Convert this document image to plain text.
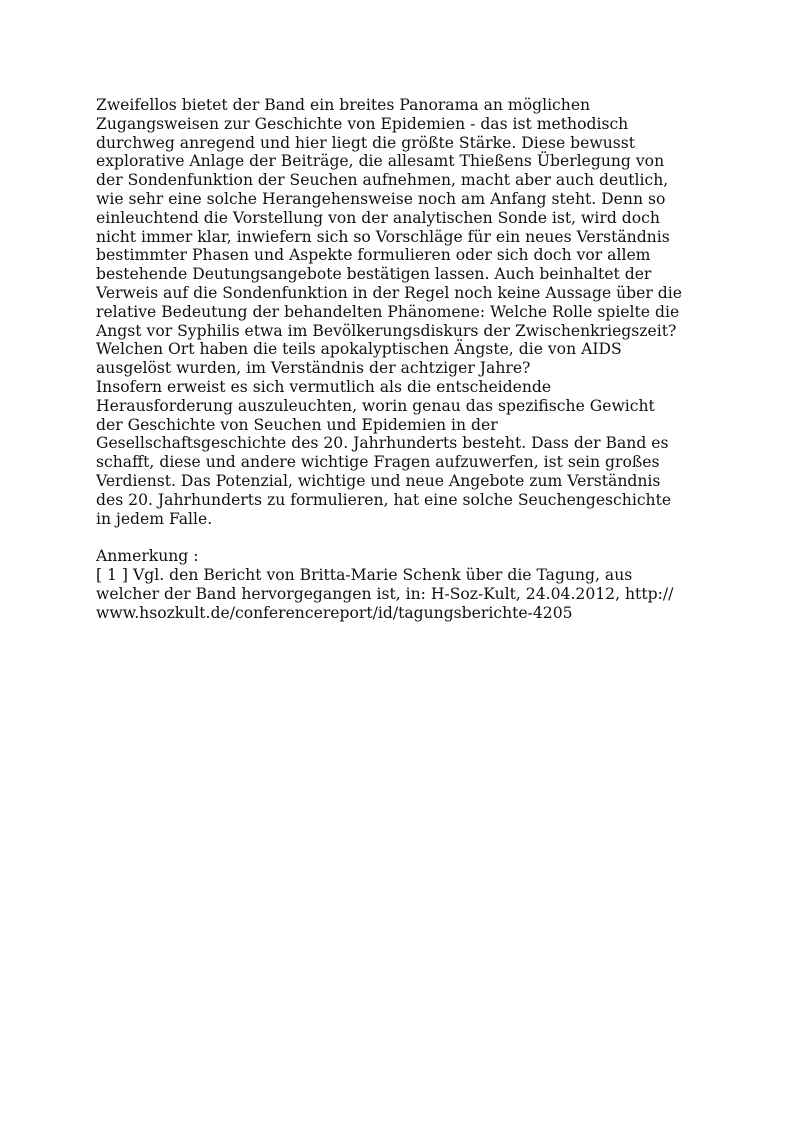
Zweifellos bietet der Band ein breites Panorama an möglichen
Zugangsweisen zur Geschichte von Epidemien - das ist methodisch
durchweg anregend und hier liegt die größte Stärke. Diese bewusst
explorative Anlage der Beiträge, die allesamt Thießens Überlegung von
der Sondenfunktion der Seuchen aufnehmen, macht aber auch deutlich,
wie sehr eine solche Herangehensweise noch am Anfang steht. Denn so
einleuchtend die Vorstellung von der analytischen Sonde ist, wird doch
nicht immer klar, inwiefern sich so Vorschläge für ein neues Verständnis
bestimmter Phasen und Aspekte formulieren oder sich doch vor allem
bestehende Deutungsangebote bestätigen lassen. Auch beinhaltet der
Verweis auf die Sondenfunktion in der Regel noch keine Aussage über die
relative Bedeutung der behandelten Phänomene: Welche Rolle spielte die
Angst vor Syphilis etwa im Bevölkerungsdiskurs der Zwischenkriegszeit?
Welchen Ort haben die teils apokalyptischen Ängste, die von AIDS
ausgelöst wurden, im Verständnis der achtziger Jahre?
Insofern erweist es sich vermutlich als die entscheidende
Herausforderung auszuleuchten, worin genau das spezifische Gewicht
der Geschichte von Seuchen und Epidemien in der
Gesellschaftsgeschichte des 20. Jahrhunderts besteht. Dass der Band es
schafft, diese und andere wichtige Fragen aufzuwerfen, ist sein großes
Verdienst. Das Potenzial, wichtige und neue Angebote zum Verständnis
des 20. Jahrhunderts zu formulieren, hat eine solche Seuchengeschichte
in jedem Falle.
Anmerkung :
[ 1 ] Vgl. den Bericht von Britta-Marie Schenk über die Tagung, aus
welcher der Band hervorgegangen ist, in: H-Soz-Kult, 24.04.2012, http://
www.hsozkult.de/conferencereport/id/tagungsberichte-4205
